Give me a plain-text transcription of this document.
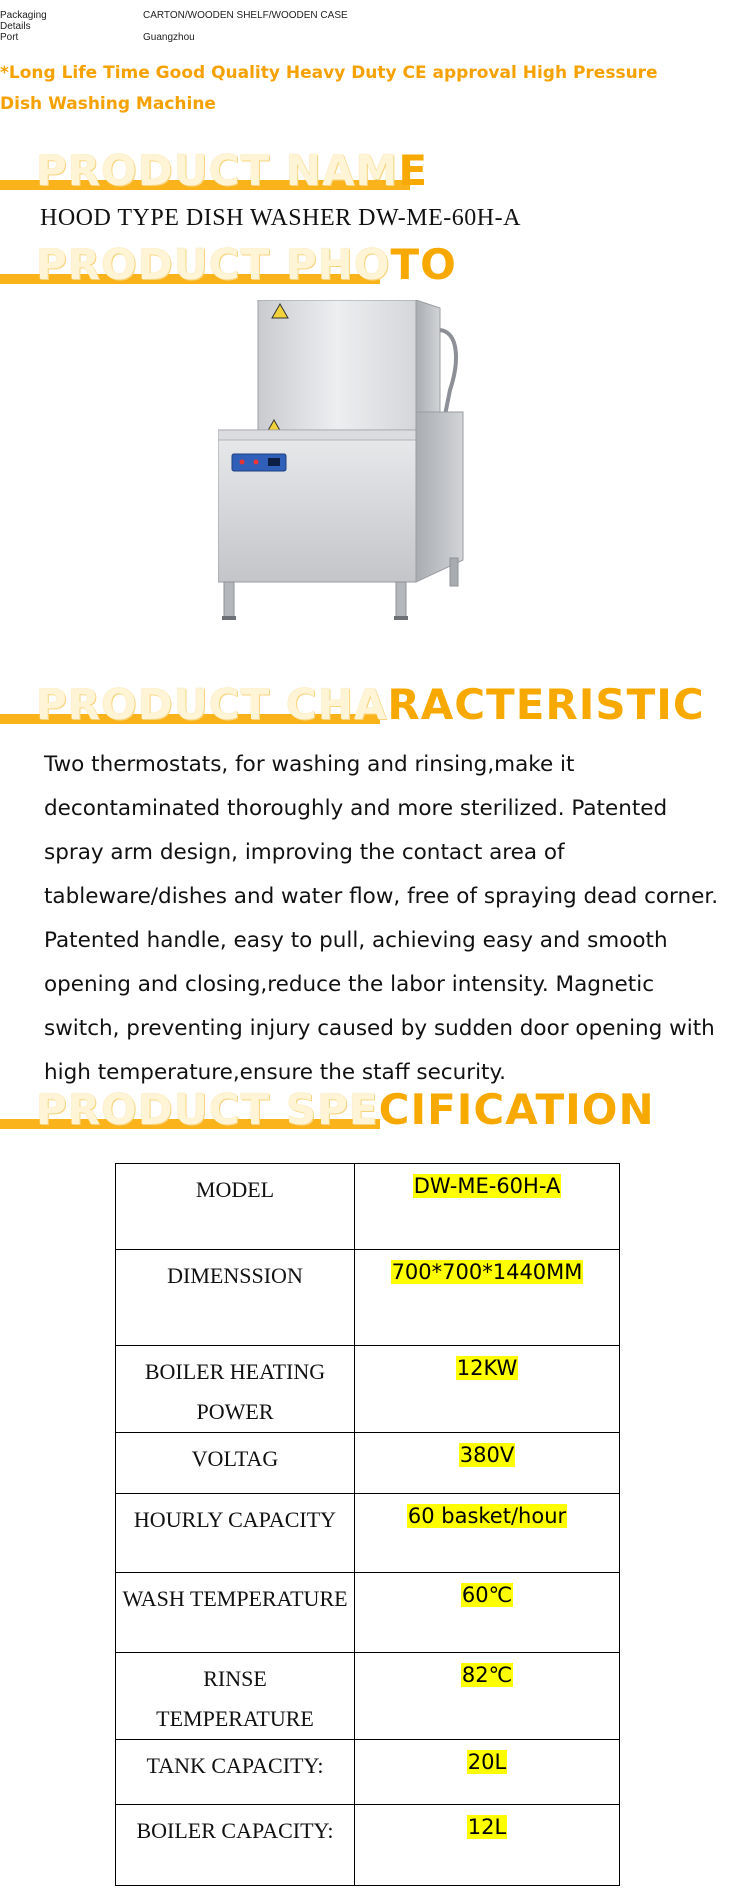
Packaging Details
CARTON/WOODEN SHELF/WOODEN CASE
Port	Guangzhou
*Long Life Time Good Quality Heavy Duty CE approval High Pressure Dish Washing Machine
PRODUCT NAME
HOOD TYPE DISH WASHER DW-ME-60H-A
PRODUCT PHOTO
PRODUCT CHARACTERISTIC
Two thermostats, for washing and rinsing,make it decontaminated thoroughly and more sterilized. Patented spray arm design, improving the contact area of tableware/dishes and water flow, free of spraying dead corner. Patented handle, easy to pull, achieving easy and smooth opening and closing,reduce the labor intensity. Magnetic switch, preventing injury caused by sudden door opening with high temperature,ensure the staff security.
PRODUCT SPECIFICATION
MODEL	DW-ME-60H-A
DIMENSSION	700*700*1440MM
BOILER HEATING POWER	12KW
VOLTAG	380V
HOURLY CAPACITY	60 basket/hour
WASH TEMPERATURE	60℃
RINSE TEMPERATURE	82℃
TANK CAPACITY:	20L
BOILER CAPACITY:	12L
